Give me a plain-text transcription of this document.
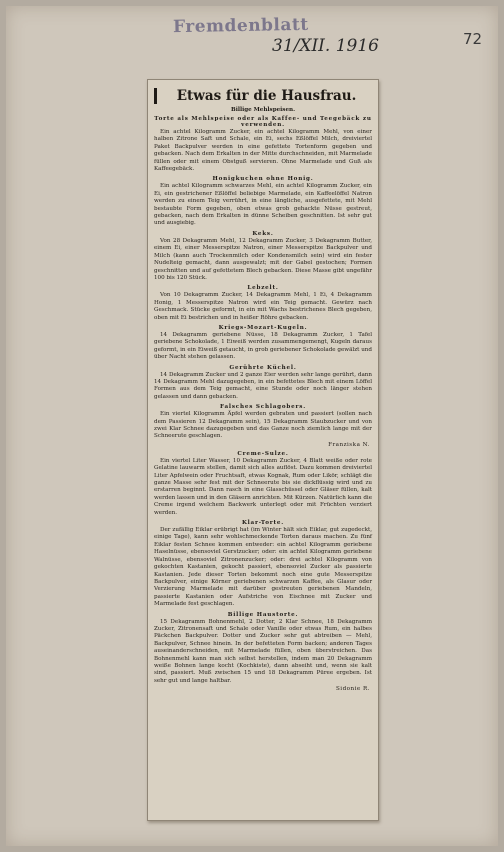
Fremdenblatt
31/XII. 1916	72
Etwas für die Hausfrau.
Billige Mehlspeisen.
Torte als Mehlspeise oder als Kaffee- und Teegebäck zu verwenden.
Ein achtel Kilogramm Zucker, ein achtel Kilogramm Mehl, von einer halben Zitrone Saft und Schale, ein Ei, sechs Eßlöffel Milch, dreiviertel Paket Backpulver werden in eine gefettete Tortenform gegeben und gebacken. Nach dem Erkalten in der Mitte durchschneiden, mit Marmelade füllen oder mit einem Obstguß servieren. Ohne Marmelade und Guß als Kaffeegebäck.
Honigkuchen ohne Honig.
Ein achtel Kilogramm schwarzes Mehl, ein achtel Kilogramm Zucker, ein Ei, ein gestrichener Eßlöffel beliebige Marmelade, ein Kaffeelöffel Natron werden zu einem Teig verrührt, in eine längliche, ausgefettete, mit Mehl bestaubte Form gegeben, oben etwas grob gehackte Nüsse gestreut, gebacken, nach dem Erkalten in dünne Scheiben geschnitten. Ist sehr gut und ausgiebig.
Keks.
Von 28 Dekagramm Mehl, 12 Dekagramm Zucker, 3 Dekagramm Butter, einem Ei, einer Messerspitze Natron, einer Messerspitze Backpulver und Milch (kann auch Trockenmilch oder Kondensmilch sein) wird ein fester Nudelteig gemacht, dann ausgewalzt; mit der Gabel gestochen; Formen geschnitten und auf gefettetem Blech gebacken. Diese Masse gibt ungefähr 100 bis 120 Stück.
Lebzelt.
Von 10 Dekagramm Zucker, 14 Dekagramm Mehl, 1 Ei, 4 Dekagramm Honig, 1 Messerspitze Natron wird ein Teig gemacht. Gewürz nach Geschmack. Stücke geformt, in ein mit Wachs bestrichenes Blech gegeben, oben mit Ei bestrichen und in heißer Röhre gebacken.
Kriegs-Mozart-Kugeln.
14 Dekagramm geriebene Nüsse, 18 Dekagramm Zucker, 1 Tafel geriebene Schokolade, 1 Eiweiß werden zusammengemengt, Kugeln daraus geformt, in ein Eiweiß getaucht, in grob geriebener Schokolade gewälzt und über Nacht stehen gelassen.
Gerührte Küchel.
14 Dekagramm Zucker und 2 ganze Eier werden sehr lange gerührt, dann 14 Dekagramm Mehl dazugegeben, in ein befettetes Blech mit einem Löffel Formen aus dem Teig gemacht, eine Stunde oder noch länger stehen gelassen und dann gebacken.
Falsches Schlagobers.
Ein viertel Kilogramm Äpfel werden gebraten und passiert (sollen nach dem Passieren 12 Dekagramm sein), 15 Dekagramm Staubzucker und von zwei Klar Schnee dazugegeben und das Ganze noch ziemlich lange mit der Schneerute geschlagen.
Franziska N.
Creme-Sulze.
Ein viertel Liter Wasser, 10 Dekagramm Zucker, 4 Blatt weiße oder rote Gelatine lauwarm stellen, damit sich alles auflöst. Dazu kommen dreiviertel Liter Apfelwein oder Fruchtsaft, etwas Kognak, Rum oder Likör, schlägt die ganze Masse sehr fest mit der Schneerute bis sie dickflüssig wird und zu erstarren beginnt. Dann rasch in eine Glasschüssel oder Gläser füllen, kalt werden lassen und in den Gläsern anrichten. Mit Kürzen. Natürlich kann die Creme irgend welchem Backwerk unterlegt oder mit Früchten verziert werden.
Klar-Torte.
Der zufällig Eiklar erübrigt hat (im Winter hält sich Eiklar, gut zugedeckt, einige Tage), kann sehr wohlschmeckende Torten daraus machen. Zu fünf Eiklar festen Schnee kommen entweder: ein achtel Kilogramm geriebene Haselnüsse, ebensoviel Gerstzucker; oder: ein achtel Kilogramm geriebene Walnüsse, ebensoviel Zitronenzucker; oder: drei achtel Kilogramm von gekochten Kastanien, gekocht passiert, ebensoviel Zucker als passierte Kastanien. Jede dieser Torten bekommt noch eine gute Messerspitze Backpulver, einige Körner geriebenen schwarzen Kaffee, als Glasur oder Verzierung Marmelade mit darüber gestreuten geriebenen Mandeln, passierte Kastanien oder Aufstriche von Eischnee mit Zucker und Marmelade fest geschlagen.
Billige Haustorte.
15 Dekagramm Bohnenmehl, 2 Dotter, 2 Klar Schnee, 18 Dekagramm Zucker, Zitronensaft und Schale oder Vanille oder etwas Rum, ein halbes Päckchen Backpulver. Dotter und Zucker sehr gut abtreiben — Mehl, Backpulver, Schnee hinein. In der befetteten Form backen; anderen Tages auseinanderschneiden, mit Marmelade füllen, oben überstreichen. Das Bohnenmehl kann man sich selbst herstellen, indem man 20 Dekagramm weiße Bohnen lange kocht (Kochkiste), dann abseiht und, wenn sie kalt sind, passiert. Muß zwischen 15 und 18 Dekagramm Püree ergeben. Ist sehr gut und lange haltbar.
Sidonie R.
